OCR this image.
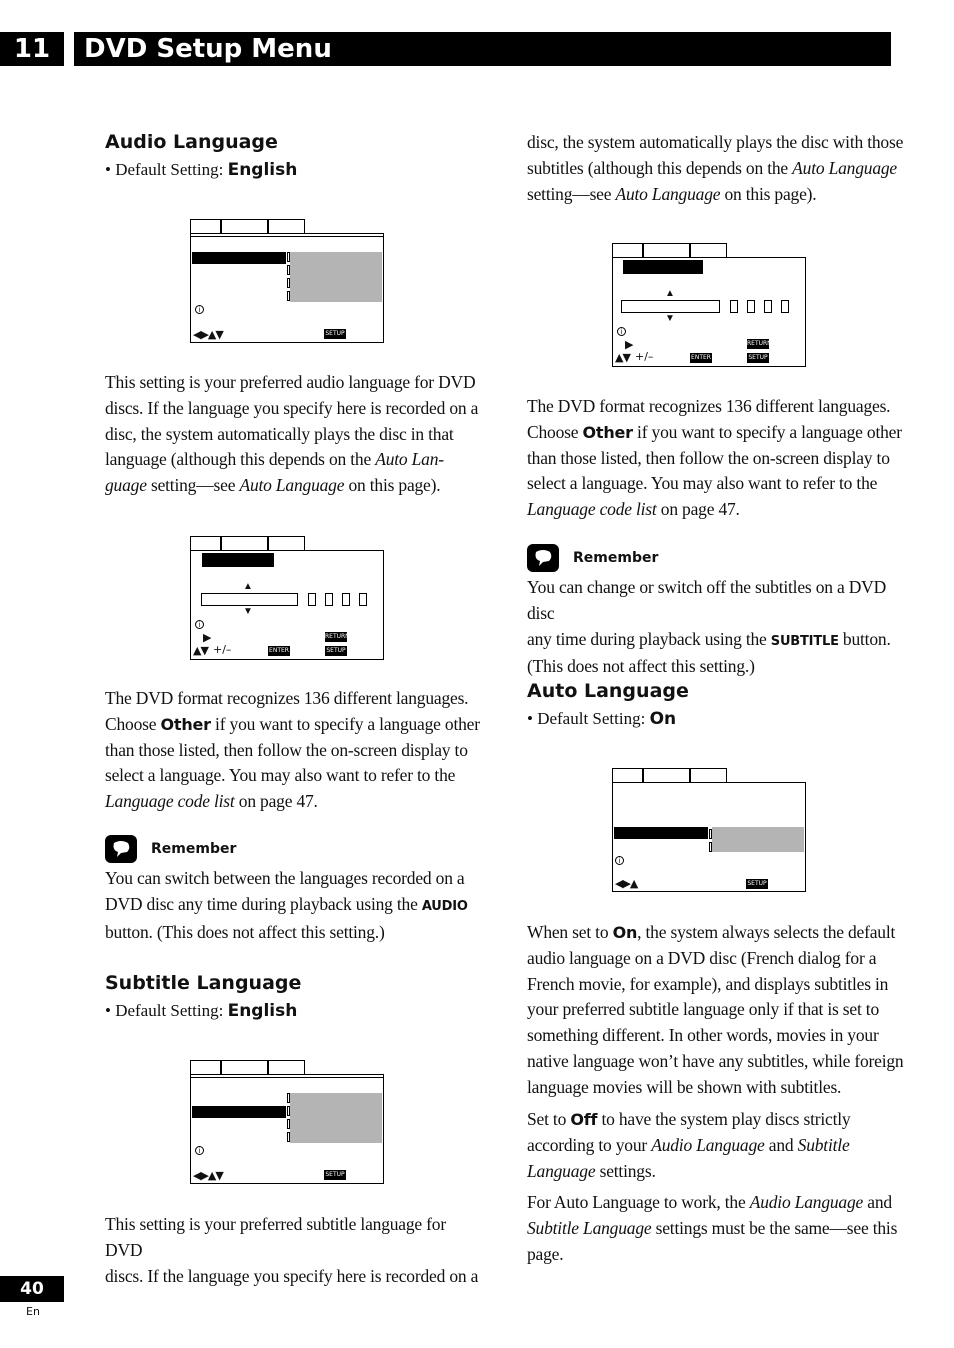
11	DVD Setup Menu
Audio Language
• Default Setting: English
i
◀▶▲▼	SETUP
This setting is your preferred audio language for DVD
discs. If the language you specify here is recorded on a
disc, the system automatically plays the disc in that
language (although this depends on the Auto Lan-
guage setting—see Auto Language on this page).
▲
▼
i
▶
▲▼ +/–
RETURN
ENTER	SETUP
The DVD format recognizes 136 different languages.
Choose Other if you want to specify a language other
than those listed, then follow the on-screen display to
select a language. You may also want to refer to the
Language code list on page 47.
Remember
You can switch between the languages recorded on a
DVD disc any time during playback using the AUDIO
button. (This does not affect this setting.)
Subtitle Language
• Default Setting: English
i
◀▶▲▼	SETUP
This setting is your preferred subtitle language for DVD
discs. If the language you specify here is recorded on a
disc, the system automatically plays the disc with those
subtitles (although this depends on the Auto Language
setting—see Auto Language on this page).
▲
▼
i
▶
▲▼ +/–
RETURN
ENTER	SETUP
The DVD format recognizes 136 different languages.
Choose Other if you want to specify a language other
than those listed, then follow the on-screen display to
select a language. You may also want to refer to the
Language code list on page 47.
Remember
You can change or switch off the subtitles on a DVD disc
any time during playback using the SUBTITLE button.
(This does not affect this setting.)
Auto Language
• Default Setting: On
i
◀▶▲	SETUP
When set to On, the system always selects the default
audio language on a DVD disc (French dialog for a
French movie, for example), and displays subtitles in
your preferred subtitle language only if that is set to
something different. In other words, movies in your
native language won’t have any subtitles, while foreign
language movies will be shown with subtitles.
Set to Off to have the system play discs strictly
according to your Audio Language and Subtitle
Language settings.
For Auto Language to work, the Audio Language and
Subtitle Language settings must be the same—see this
page.
40
En
